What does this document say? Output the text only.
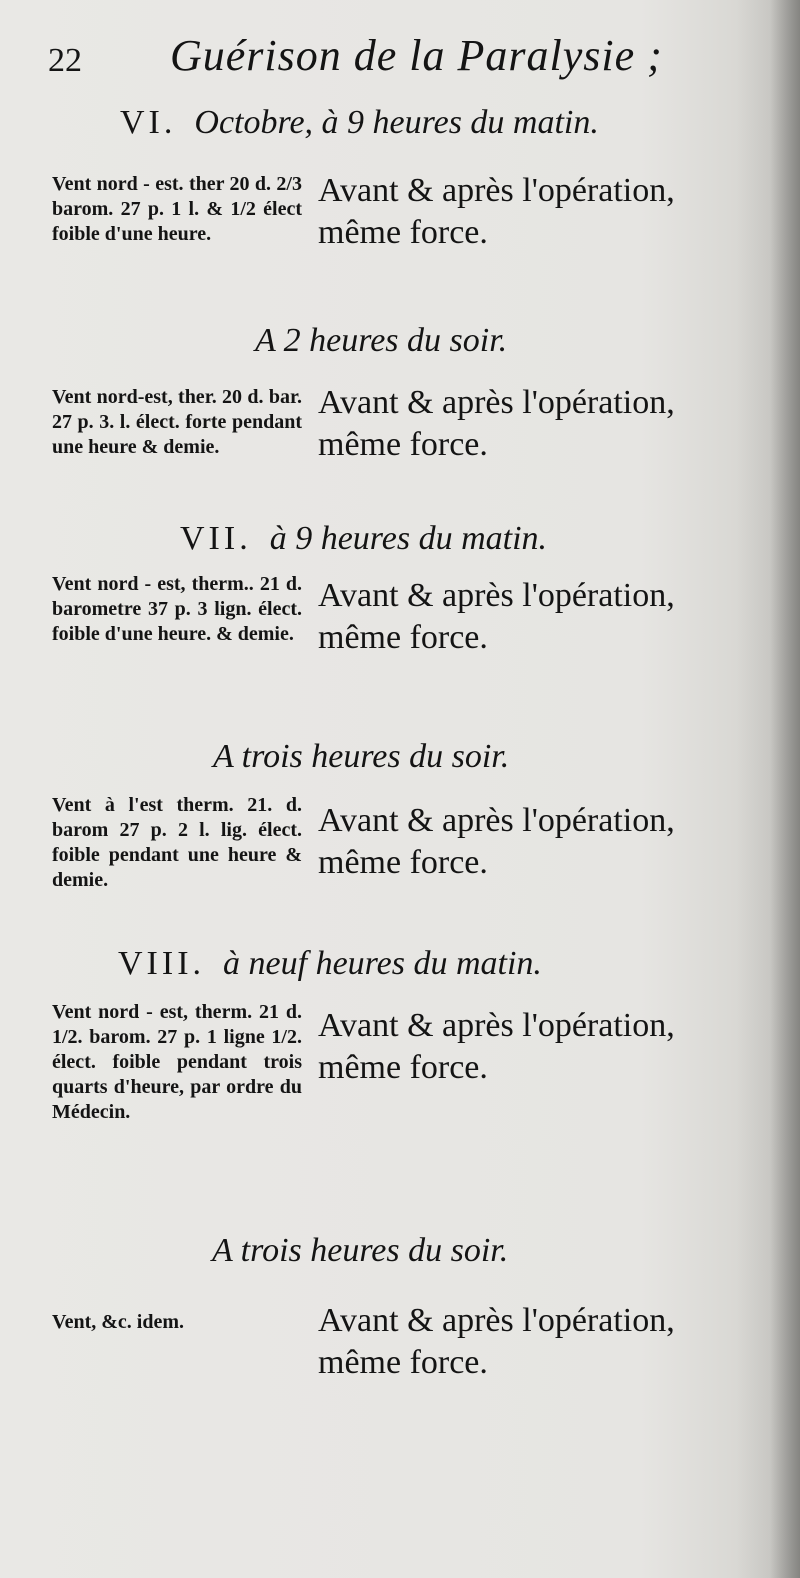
22 Guérison de la Paralysie ;
VI. Octobre, à 9 heures du matin.
Vent nord - est. ther 20 d. 2/3 barom. 27 p. 1 l. & 1/2 élect foible d'une heure.
Avant & après l'opération, même force.
A 2 heures du soir.
Vent nord-est, ther. 20 d. bar. 27 p. 3. l. élect. forte pendant une heure & demie.
Avant & après l'opération, même force.
VII. à 9 heures du matin.
Vent nord - est, therm.. 21 d. barometre 37 p. 3 lign. élect. foible d'une heure. & demie.
Avant & après l'opération, même force.
A trois heures du soir.
Vent à l'est therm. 21. d. barom 27 p. 2 l. lig. élect. foible pendant une heure & demie.
Avant & après l'opération, même force.
VIII. à neuf heures du matin.
Vent nord - est, therm. 21 d. 1/2. barom. 27 p. 1 ligne 1/2. élect. foible pendant trois quarts d'heure, par ordre du Médecin.
Avant & après l'opération, même force.
A trois heures du soir.
Vent, &c. idem.	Avant & après l'opération, même force.
